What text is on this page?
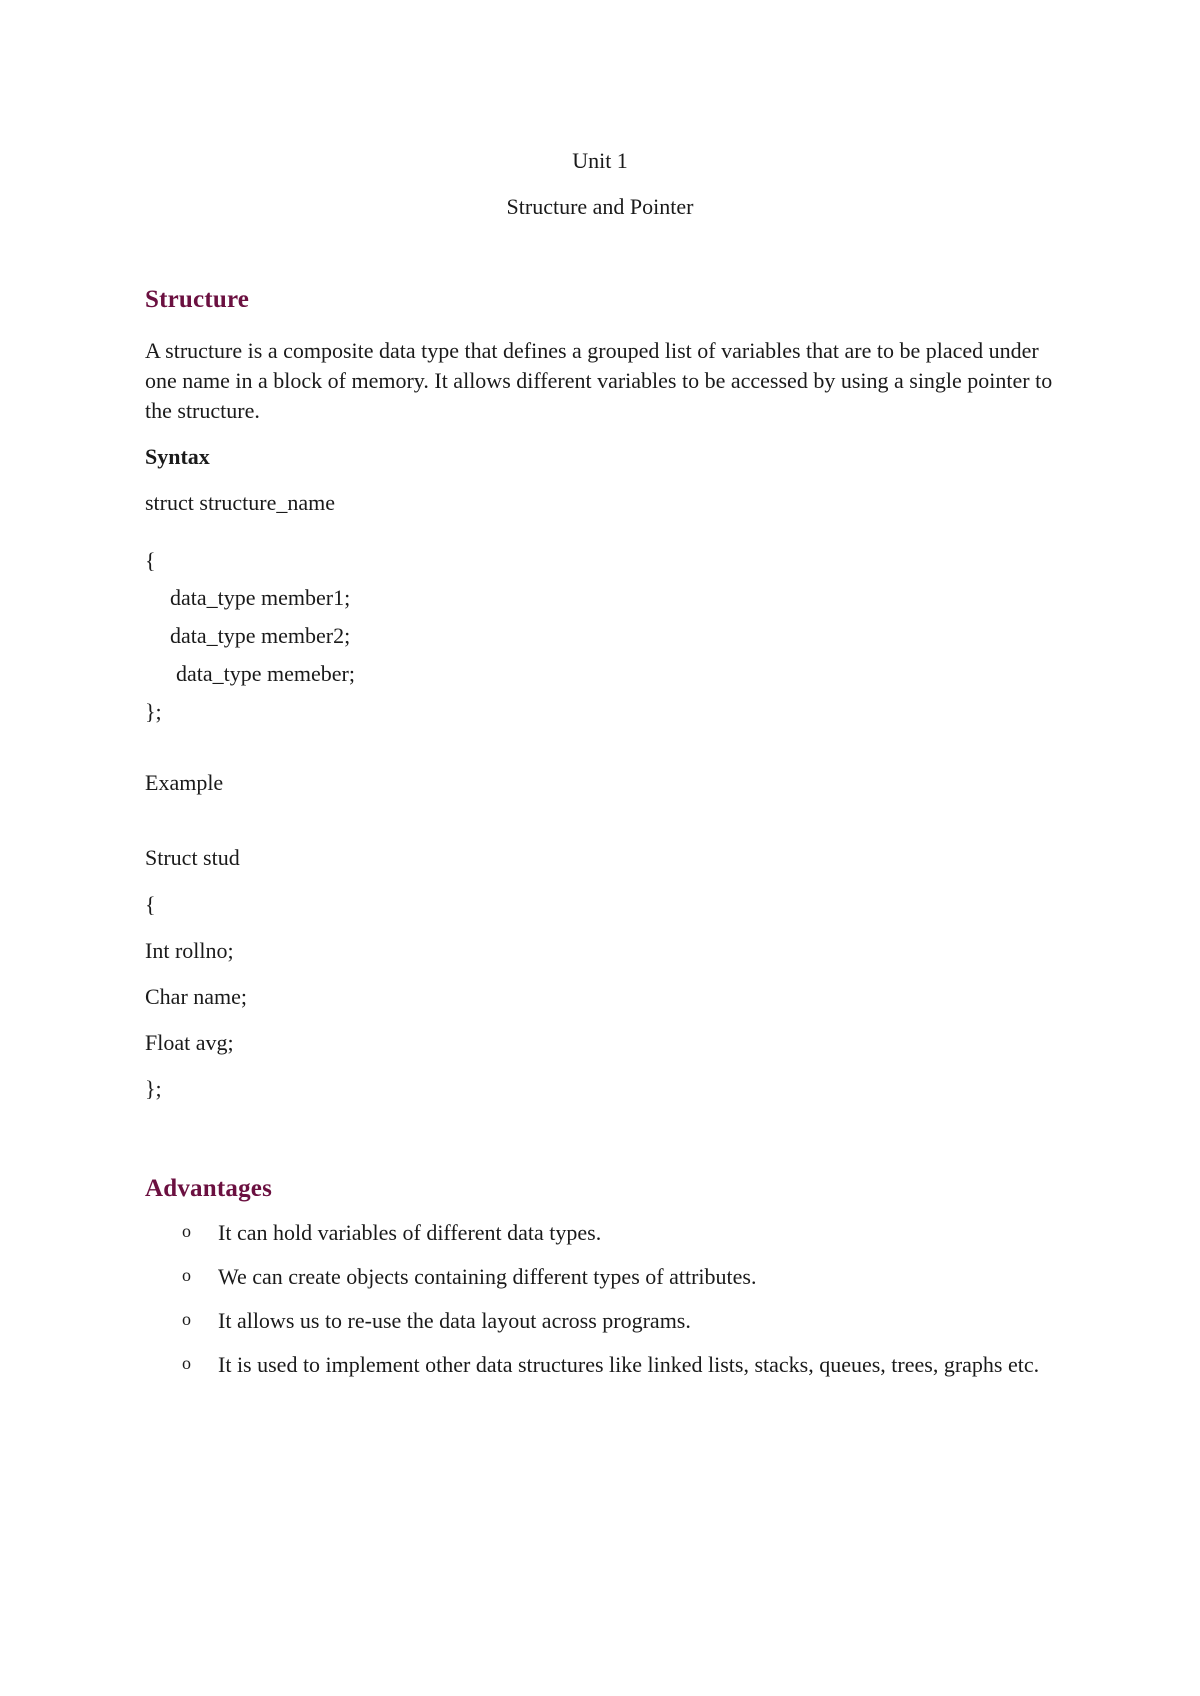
Unit 1
Structure and Pointer
Structure
A structure is a composite data type that defines a grouped list of variables that are to be placed under one name in a block of memory. It allows different variables to be accessed by using a single pointer to the structure.
Syntax
struct structure_name
{
data_type member1;
data_type member2;
data_type memeber;
};
Example
Struct stud
{
Int rollno;
Char name;
Float avg;
};
Advantages
o It can hold variables of different data types.
o We can create objects containing different types of attributes.
o It allows us to re-use the data layout across programs.
o It is used to implement other data structures like linked lists, stacks, queues, trees, graphs etc.
